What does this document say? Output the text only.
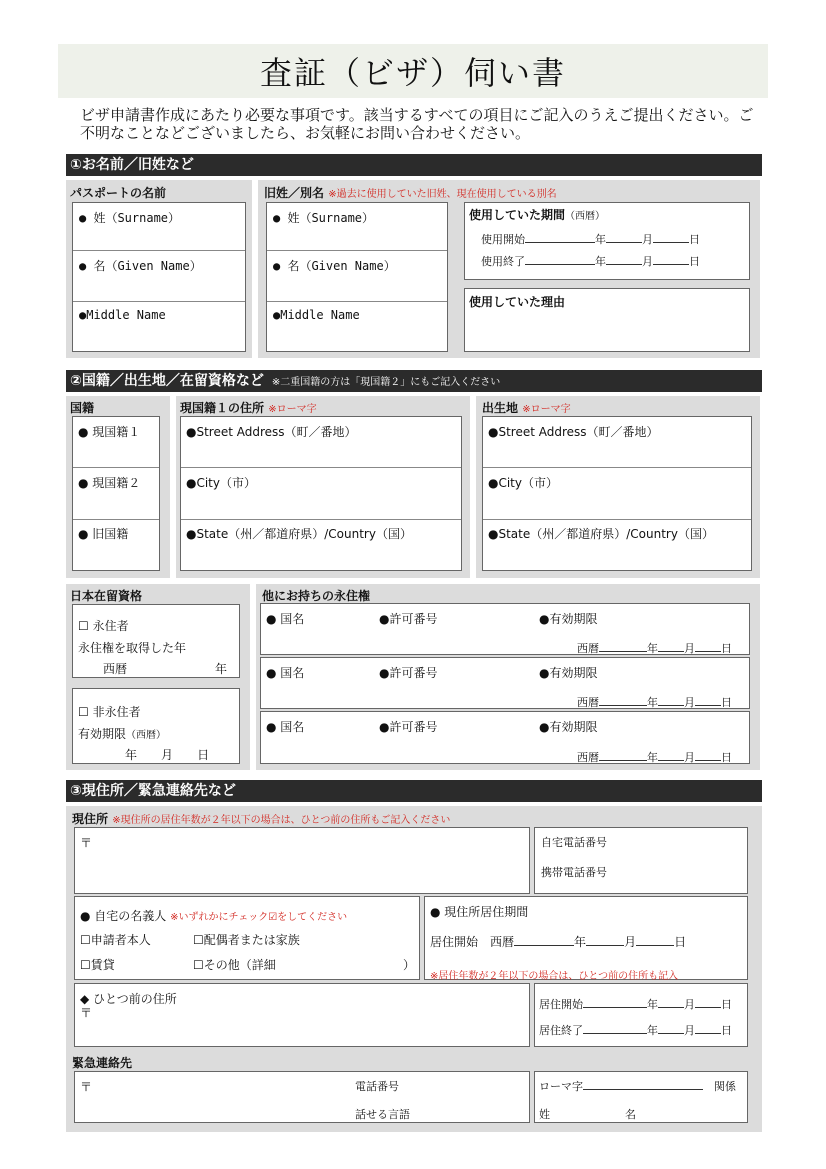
査証（ビザ）伺い書
ビザ申請書作成にあたり必要な事項です。該当するすべての項目にご記入のうえご提出ください。ご不明なことなどございましたら、お気軽にお問い合わせください。
①お名前／旧姓など
パスポートの名前
● 姓（Surname）
● 名（Given Name）
●Middle Name
旧姓／別名 ※過去に使用していた旧姓、現在使用している別名
● 姓（Surname）
● 名（Given Name）
●Middle Name
使用していた期間（西暦）
使用開始	年	月	日
使用終了	年	月	日
使用していた理由
②国籍／出生地／在留資格など ※二重国籍の方は「現国籍２」にもご記入ください
国籍
● 現国籍１
● 現国籍２
● 旧国籍
現国籍１の住所 ※ローマ字
●Street Address（町／番地）
●City（市）
●State（州／都道府県）/Country（国）
出生地 ※ローマ字
●Street Address（町／番地）
●City（市）
●State（州／都道府県）/Country（国）
日本在留資格
☐ 永住者
永住権を取得した年
西暦	年
☐ 非永住者
有効期限（西暦）
年　　 月　　 日
他にお持ちの永住権
● 国名	●許可番号	●有効期限
西暦	年 月 日
● 国名	●許可番号	●有効期限
西暦	年 月 日
● 国名	●許可番号	●有効期限
西暦	年 月 日
③現住所／緊急連絡先など
現住所 ※現住所の居住年数が２年以下の場合は、ひとつ前の住所もご記入ください
〒	自宅電話番号
携帯電話番号
● 自宅の名義人 ※いずれかにチェック☑をしてください
☐申請者本人	☐配偶者または家族
☐賃貸	☐その他（詳細	）
● 現住所居住期間
居住開始　 西暦	年	月	日
※居住年数が２年以下の場合は、ひとつ前の住所も記入
◆ ひとつ前の住所
〒
居住開始	年 月 日
居住終了	年 月 日
緊急連絡先
〒	電話番号
話せる言語
ローマ字　	関係
姓	名
